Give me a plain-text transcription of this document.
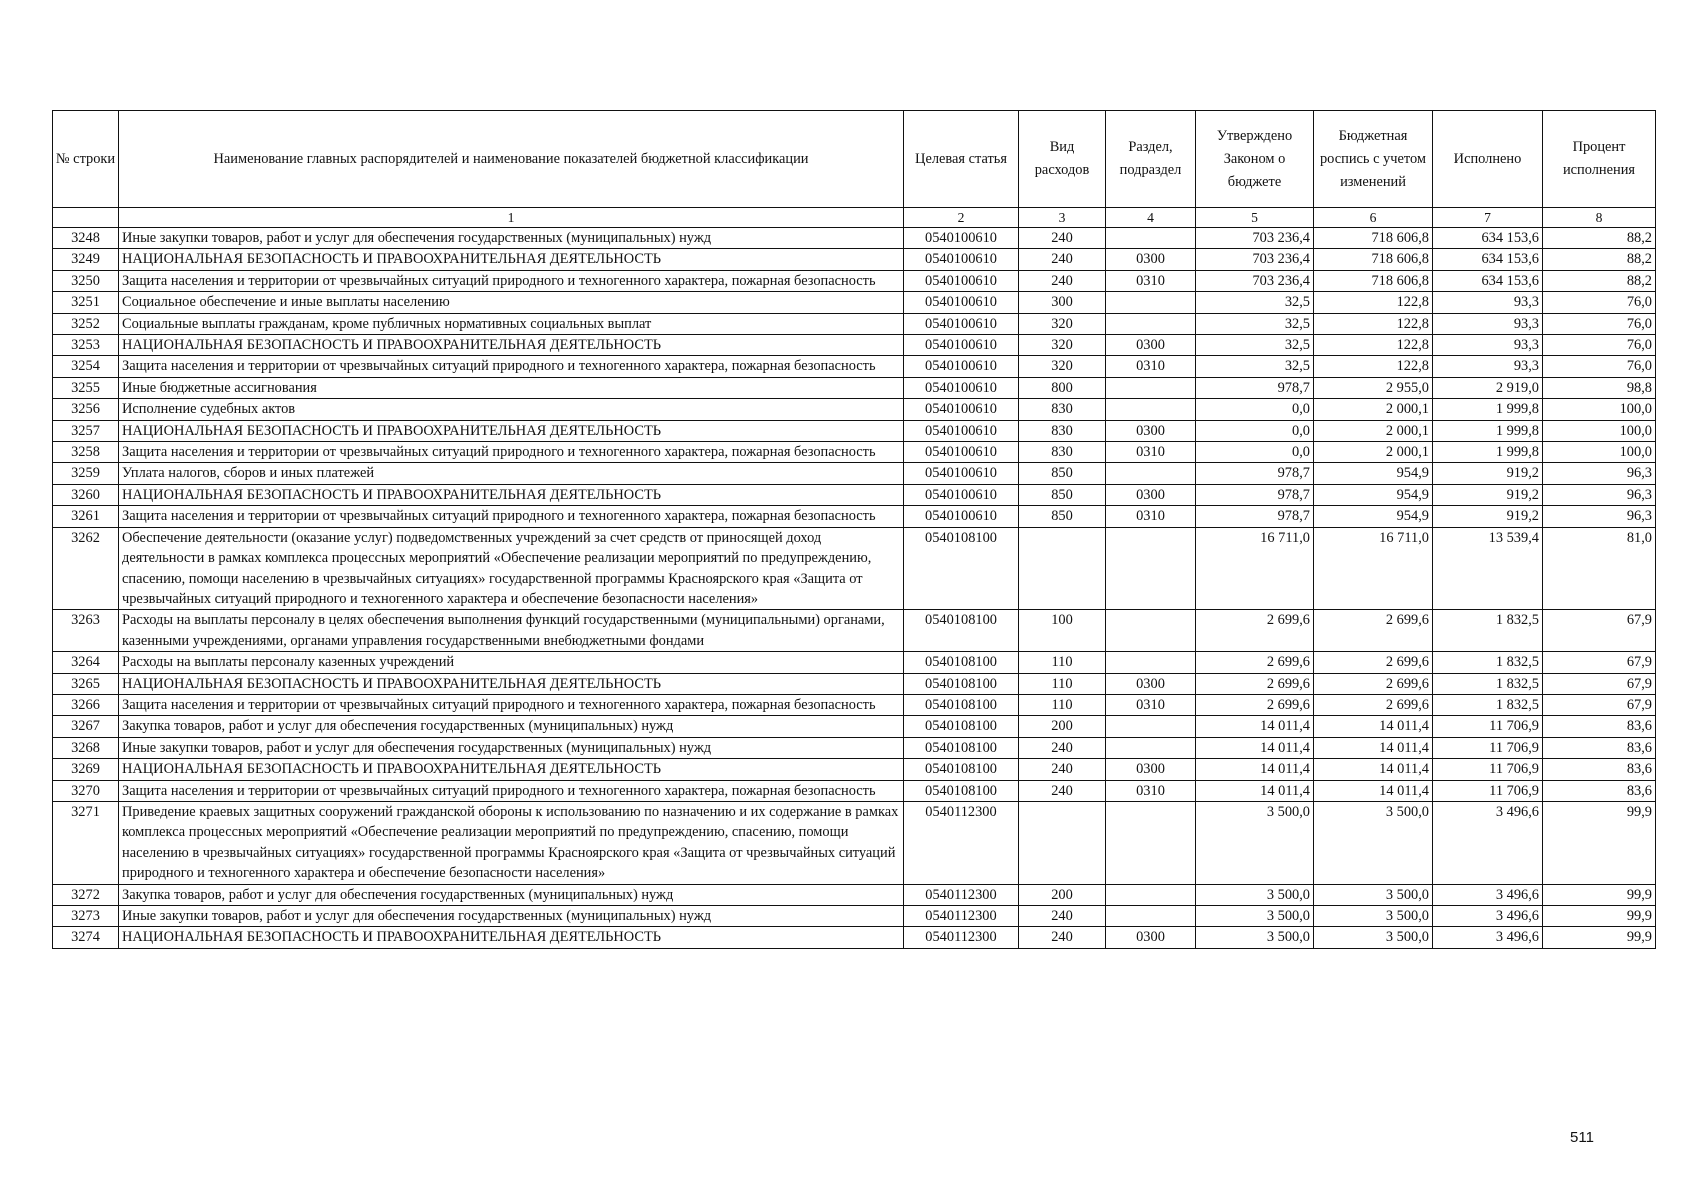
№ строки	Наименование главных распорядителей и наименование показателей бюджетной классификации	Целевая статья	Вид расходов	Раздел, подраздел	Утверждено Законом о бюджете	Бюджетная роспись с учетом изменений	Исполнено	Процент исполнения
	1	2	3	4	5	6	7	8
3248	Иные закупки товаров, работ и услуг для обеспечения государственных (муниципальных) нужд	0540100610	240		703 236,4	718 606,8	634 153,6	88,2
3249	НАЦИОНАЛЬНАЯ БЕЗОПАСНОСТЬ И ПРАВООХРАНИТЕЛЬНАЯ ДЕЯТЕЛЬНОСТЬ	0540100610	240	0300	703 236,4	718 606,8	634 153,6	88,2
3250	Защита населения и территории от чрезвычайных ситуаций природного и техногенного характера, пожарная безопасность	0540100610	240	0310	703 236,4	718 606,8	634 153,6	88,2
3251	Социальное обеспечение и иные выплаты населению	0540100610	300		32,5	122,8	93,3	76,0
3252	Социальные выплаты гражданам, кроме публичных нормативных социальных выплат	0540100610	320		32,5	122,8	93,3	76,0
3253	НАЦИОНАЛЬНАЯ БЕЗОПАСНОСТЬ И ПРАВООХРАНИТЕЛЬНАЯ ДЕЯТЕЛЬНОСТЬ	0540100610	320	0300	32,5	122,8	93,3	76,0
3254	Защита населения и территории от чрезвычайных ситуаций природного и техногенного характера, пожарная безопасность	0540100610	320	0310	32,5	122,8	93,3	76,0
3255	Иные бюджетные ассигнования	0540100610	800		978,7	2 955,0	2 919,0	98,8
3256	Исполнение судебных актов	0540100610	830		0,0	2 000,1	1 999,8	100,0
3257	НАЦИОНАЛЬНАЯ БЕЗОПАСНОСТЬ И ПРАВООХРАНИТЕЛЬНАЯ ДЕЯТЕЛЬНОСТЬ	0540100610	830	0300	0,0	2 000,1	1 999,8	100,0
3258	Защита населения и территории от чрезвычайных ситуаций природного и техногенного характера, пожарная безопасность	0540100610	830	0310	0,0	2 000,1	1 999,8	100,0
3259	Уплата налогов, сборов и иных платежей	0540100610	850		978,7	954,9	919,2	96,3
3260	НАЦИОНАЛЬНАЯ БЕЗОПАСНОСТЬ И ПРАВООХРАНИТЕЛЬНАЯ ДЕЯТЕЛЬНОСТЬ	0540100610	850	0300	978,7	954,9	919,2	96,3
3261	Защита населения и территории от чрезвычайных ситуаций природного и техногенного характера, пожарная безопасность	0540100610	850	0310	978,7	954,9	919,2	96,3
3262	Обеспечение деятельности (оказание услуг) подведомственных учреждений за счет средств от приносящей доход деятельности в рамках комплекса процессных мероприятий «Обеспечение реализации мероприятий по предупреждению, спасению, помощи населению в чрезвычайных ситуациях» государственной программы Красноярского края «Защита от чрезвычайных ситуаций природного и техногенного характера и обеспечение безопасности населения»	0540108100			16 711,0	16 711,0	13 539,4	81,0
3263	Расходы на выплаты персоналу в целях обеспечения выполнения функций государственными (муниципальными) органами, казенными учреждениями, органами управления государственными внебюджетными фондами	0540108100	100		2 699,6	2 699,6	1 832,5	67,9
3264	Расходы на выплаты персоналу казенных учреждений	0540108100	110		2 699,6	2 699,6	1 832,5	67,9
3265	НАЦИОНАЛЬНАЯ БЕЗОПАСНОСТЬ И ПРАВООХРАНИТЕЛЬНАЯ ДЕЯТЕЛЬНОСТЬ	0540108100	110	0300	2 699,6	2 699,6	1 832,5	67,9
3266	Защита населения и территории от чрезвычайных ситуаций природного и техногенного характера, пожарная безопасность	0540108100	110	0310	2 699,6	2 699,6	1 832,5	67,9
3267	Закупка товаров, работ и услуг для обеспечения государственных (муниципальных) нужд	0540108100	200		14 011,4	14 011,4	11 706,9	83,6
3268	Иные закупки товаров, работ и услуг для обеспечения государственных (муниципальных) нужд	0540108100	240		14 011,4	14 011,4	11 706,9	83,6
3269	НАЦИОНАЛЬНАЯ БЕЗОПАСНОСТЬ И ПРАВООХРАНИТЕЛЬНАЯ ДЕЯТЕЛЬНОСТЬ	0540108100	240	0300	14 011,4	14 011,4	11 706,9	83,6
3270	Защита населения и территории от чрезвычайных ситуаций природного и техногенного характера, пожарная безопасность	0540108100	240	0310	14 011,4	14 011,4	11 706,9	83,6
3271	Приведение краевых защитных сооружений гражданской обороны к использованию по назначению и их содержание в рамках комплекса процессных мероприятий «Обеспечение реализации мероприятий по предупреждению, спасению, помощи населению в чрезвычайных ситуациях» государственной программы Красноярского края «Защита от чрезвычайных ситуаций природного и техногенного характера и обеспечение безопасности населения»	0540112300			3 500,0	3 500,0	3 496,6	99,9
3272	Закупка товаров, работ и услуг для обеспечения государственных (муниципальных) нужд	0540112300	200		3 500,0	3 500,0	3 496,6	99,9
3273	Иные закупки товаров, работ и услуг для обеспечения государственных (муниципальных) нужд	0540112300	240		3 500,0	3 500,0	3 496,6	99,9
3274	НАЦИОНАЛЬНАЯ БЕЗОПАСНОСТЬ И ПРАВООХРАНИТЕЛЬНАЯ ДЕЯТЕЛЬНОСТЬ	0540112300	240	0300	3 500,0	3 500,0	3 496,6	99,9
511
